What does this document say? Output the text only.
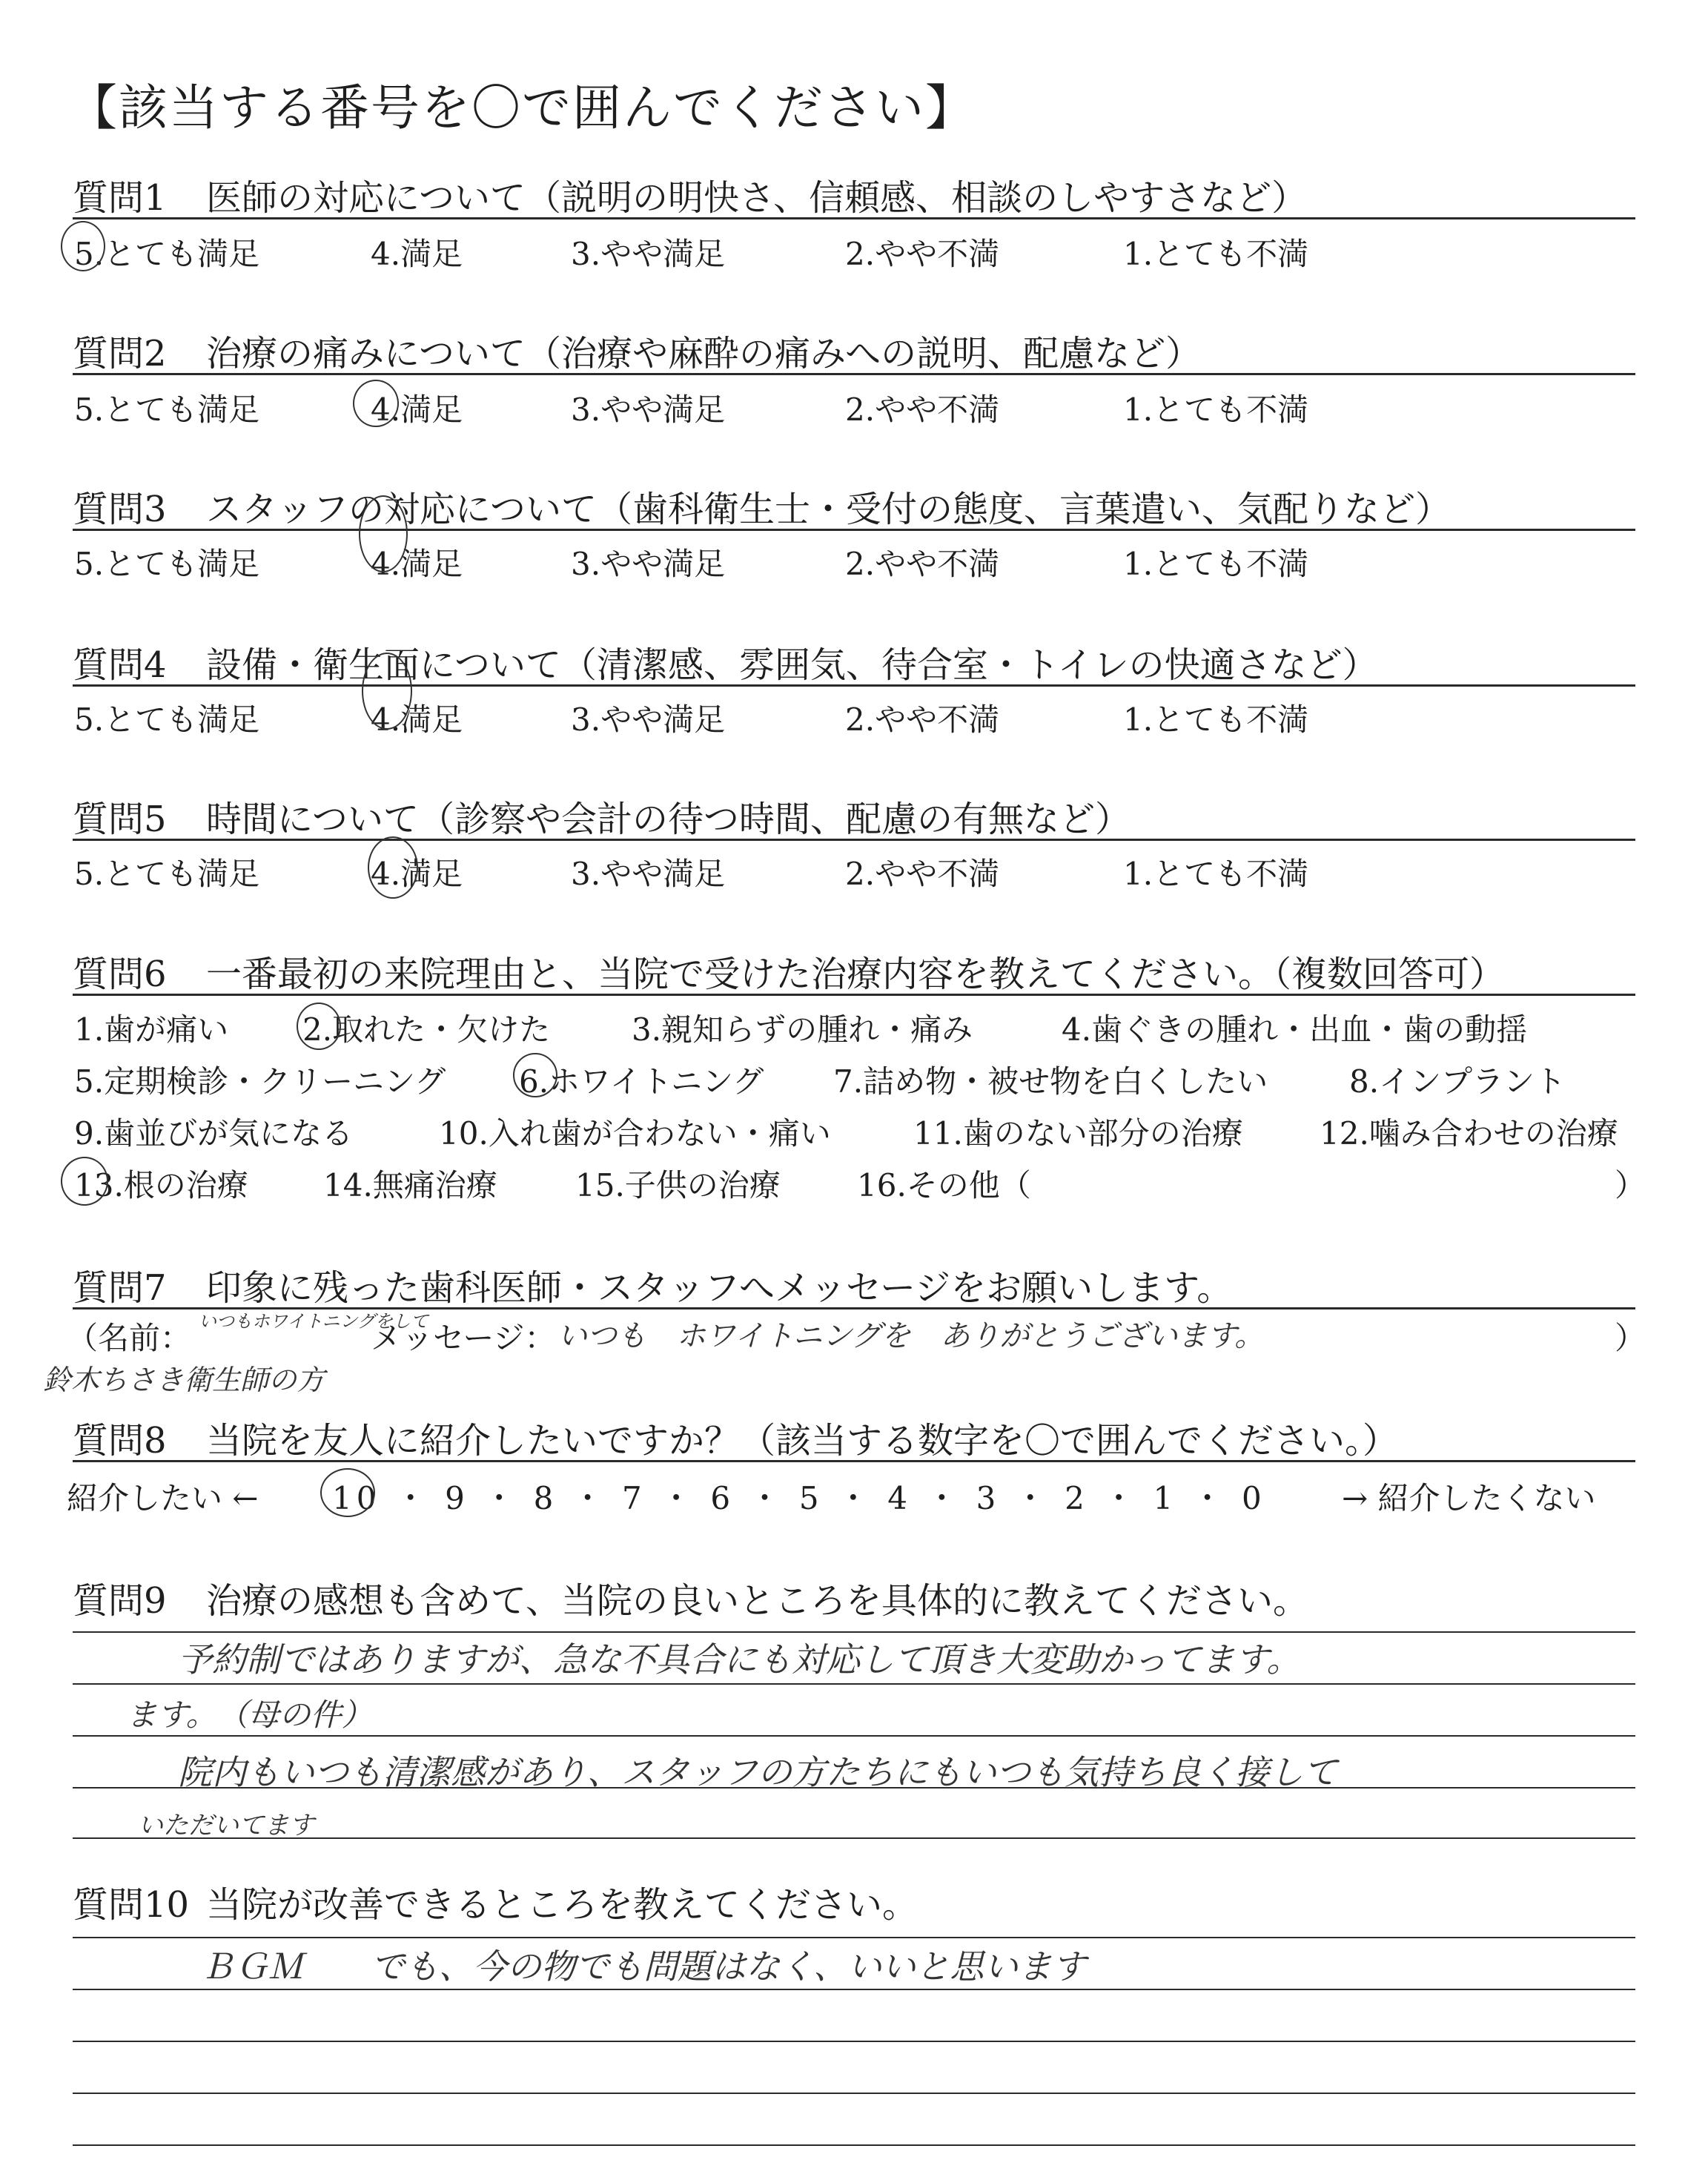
【該当する番号を〇で囲んでください】
質問1 医師の対応について（説明の明快さ、信頼感、相談のしやすさなど）
5.とても満足	4.満足	3.やや満足	2.やや不満	1.とても不満
質問2 治療の痛みについて（治療や麻酔の痛みへの説明、配慮など）
5.とても満足	4.満足	3.やや満足	2.やや不満	1.とても不満
質問3 スタッフの対応について（歯科衛生士・受付の態度、言葉遣い、気配りなど）
5.とても満足	4.満足	3.やや満足	2.やや不満	1.とても不満
質問4 設備・衛生面について（清潔感、雰囲気、待合室・トイレの快適さなど）
5.とても満足	4.満足	3.やや満足	2.やや不満	1.とても不満
質問5 時間について（診察や会計の待つ時間、配慮の有無など）
5.とても満足	4.満足	3.やや満足	2.やや不満	1.とても不満
質問6 一番最初の来院理由と、当院で受けた治療内容を教えてください。（複数回答可）
1.歯が痛い 2.取れた・欠けた	3.親知らずの腫れ・痛み	4.歯ぐきの腫れ・出血・歯の動揺
5.定期検診・クリーニング 6.ホワイトニング 7.詰め物・被せ物を白くしたい	8.インプラント
9.歯並びが気になる	10.入れ歯が合わない・痛い	11.歯のない部分の治療 12.噛み合わせの治療
13.根の治療 14.無痛治療	15.子供の治療 16.その他（	）
質問7 印象に残った歯科医師・スタッフへメッセージをお願いします。
（名前： いつもホワイトニングをして
鈴木ちさき衛生師の方
メッセージ： いつも　ホワイトニングを　ありがとうございます。	）
質問8 当院を友人に紹介したいですか？（該当する数字を〇で囲んでください。）
紹介したい ← 10 ・ 9 ・ 8 ・ 7 ・ 6 ・ 5 ・ 4 ・ 3 ・ 2 ・ 1 ・ 0 → 紹介したくない
質問9 治療の感想も含めて、当院の良いところを具体的に教えてください。
予約制ではありますが、急な不具合にも対応して頂き大変助かってます。
ます。　（母の件）
院内もいつも清潔感があり、スタッフの方たちにもいつも気持ち良く接して
いただいてます
質問10 当院が改善できるところを教えてください。
ＢＧＭ　　でも、今の物でも問題はなく、いいと思います
